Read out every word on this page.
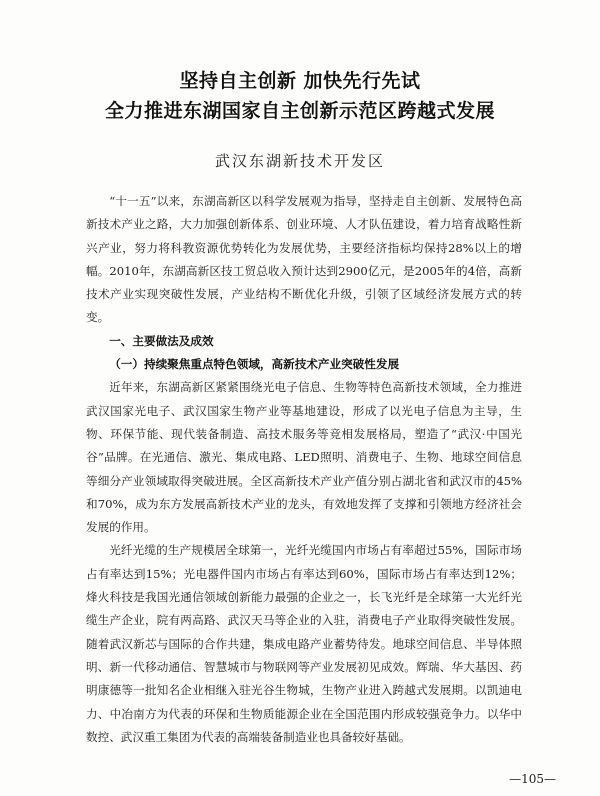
坚持自主创新 加快先行先试
全力推进东湖国家自主创新示范区跨越式发展
武汉东湖新技术开发区

“十一五”以来，东湖高新区以科学发展观为指导，坚持走自主创新、发展特色高新技术产业之路，大力加强创新体系、创业环境、人才队伍建设，着力培育战略性新兴产业，努力将科教资源优势转化为发展优势，主要经济指标均保持28%以上的增幅。2010年，东湖高新区技工贸总收入预计达到2900亿元，是2005年的4倍，高新技术产业实现突破性发展，产业结构不断优化升级，引领了区域经济发展方式的转变。

一、主要做法及成效
（一）持续聚焦重点特色领域，高新技术产业突破性发展

近年来，东湖高新区紧紧围绕光电子信息、生物等特色高新技术领域，全力推进武汉国家光电子、武汉国家生物产业等基地建设，形成了以光电子信息为主导，生物、环保节能、现代装备制造、高技术服务等竞相发展格局，塑造了“武汉·中国光谷”品牌。在光通信、激光、集成电路、LED照明、消费电子、生物、地球空间信息等细分产业领域取得突破进展。全区高新技术产业产值分别占湖北省和武汉市的45%和70%，成为东方发展高新技术产业的龙头，有效地发挥了支撑和引领地方经济社会发展的作用。

光纤光缆的生产规模居全球第一，光纤光缆国内市场占有率超过55%，国际市场占有率达到15%；光电器件国内市场占有率达到60%，国际市场占有率达到12%；烽火科技是我国光通信领域创新能力最强的企业之一，长飞光纤是全球第一大光纤光缆生产企业，院有两高路、武汉天马等企业的入驻，消费电子产业取得突破性发展。随着武汉新芯与国际的合作共建，集成电路产业蓄势待发。地球空间信息、半导体照明、新一代移动通信、智慧城市与物联网等产业发展初见成效。辉瑞、华大基因、药明康德等一批知名企业相继入驻光谷生物城，生物产业进入跨越式发展期。以凯迪电力、中冶南方为代表的环保和生物质能源企业在全国范围内形成较强竞争力。以华中数控、武汉重工集团为代表的高端装备制造业也具备较好基础。

—105—
